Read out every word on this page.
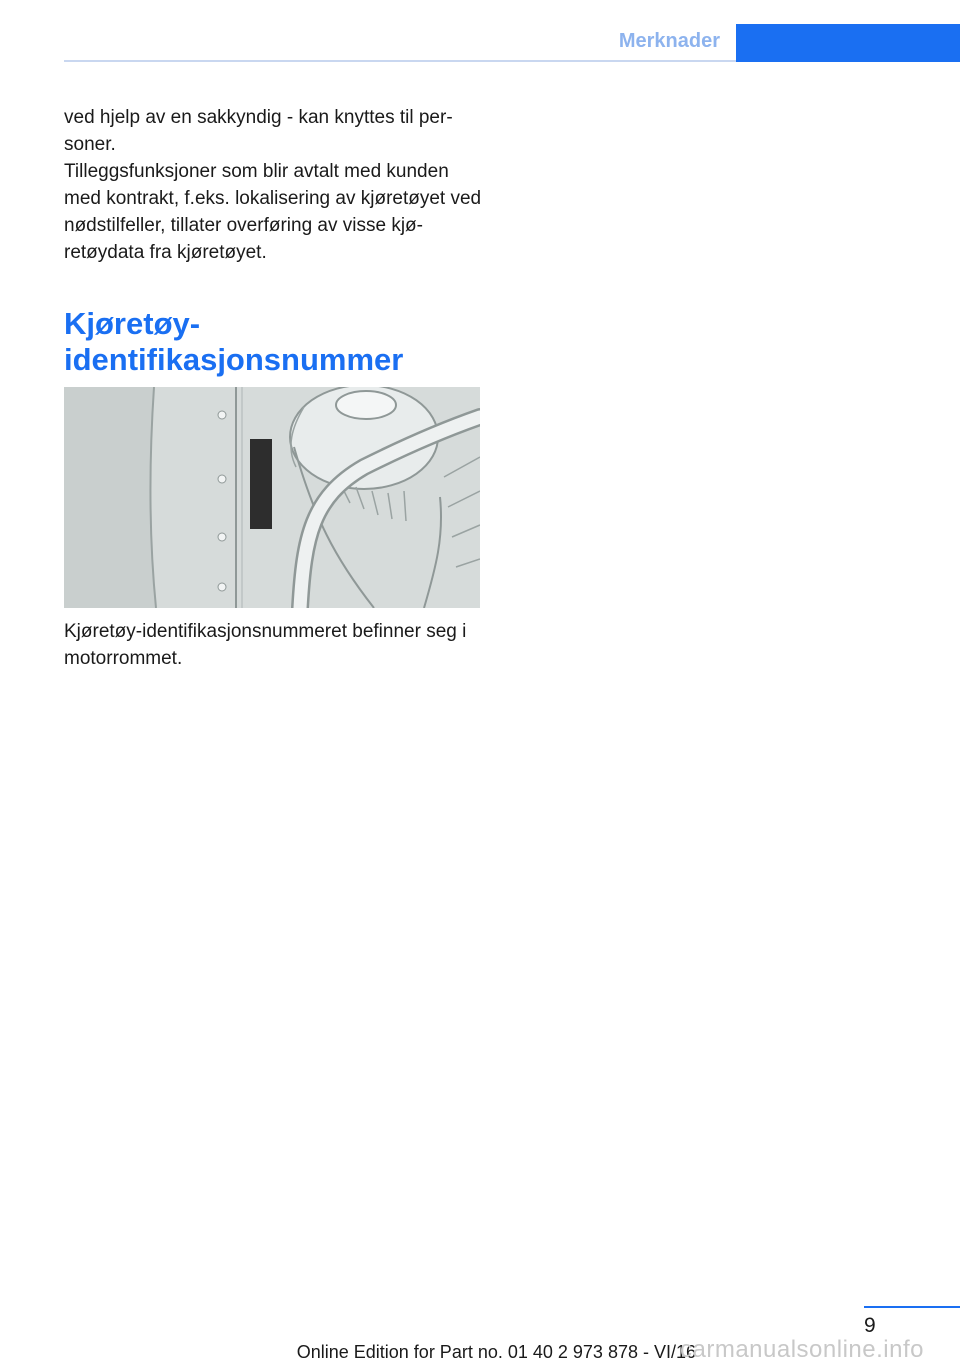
Merknader
ved hjelp av en sakkyndig - kan knyttes til personer.
Tilleggsfunksjoner som blir avtalt med kunden med kontrakt, f.eks. lokalisering av kjøretøyet ved nødstilfeller, tillater overføring av visse kjøretøydata fra kjøretøyet.
Kjøretøy-
identifikasjonsnummer
Kjøretøy-identifikasjonsnummeret befinner seg i motorrommet.
9
Online Edition for Part no. 01 40 2 973 878 - VI/16
carmanualsonline.info
